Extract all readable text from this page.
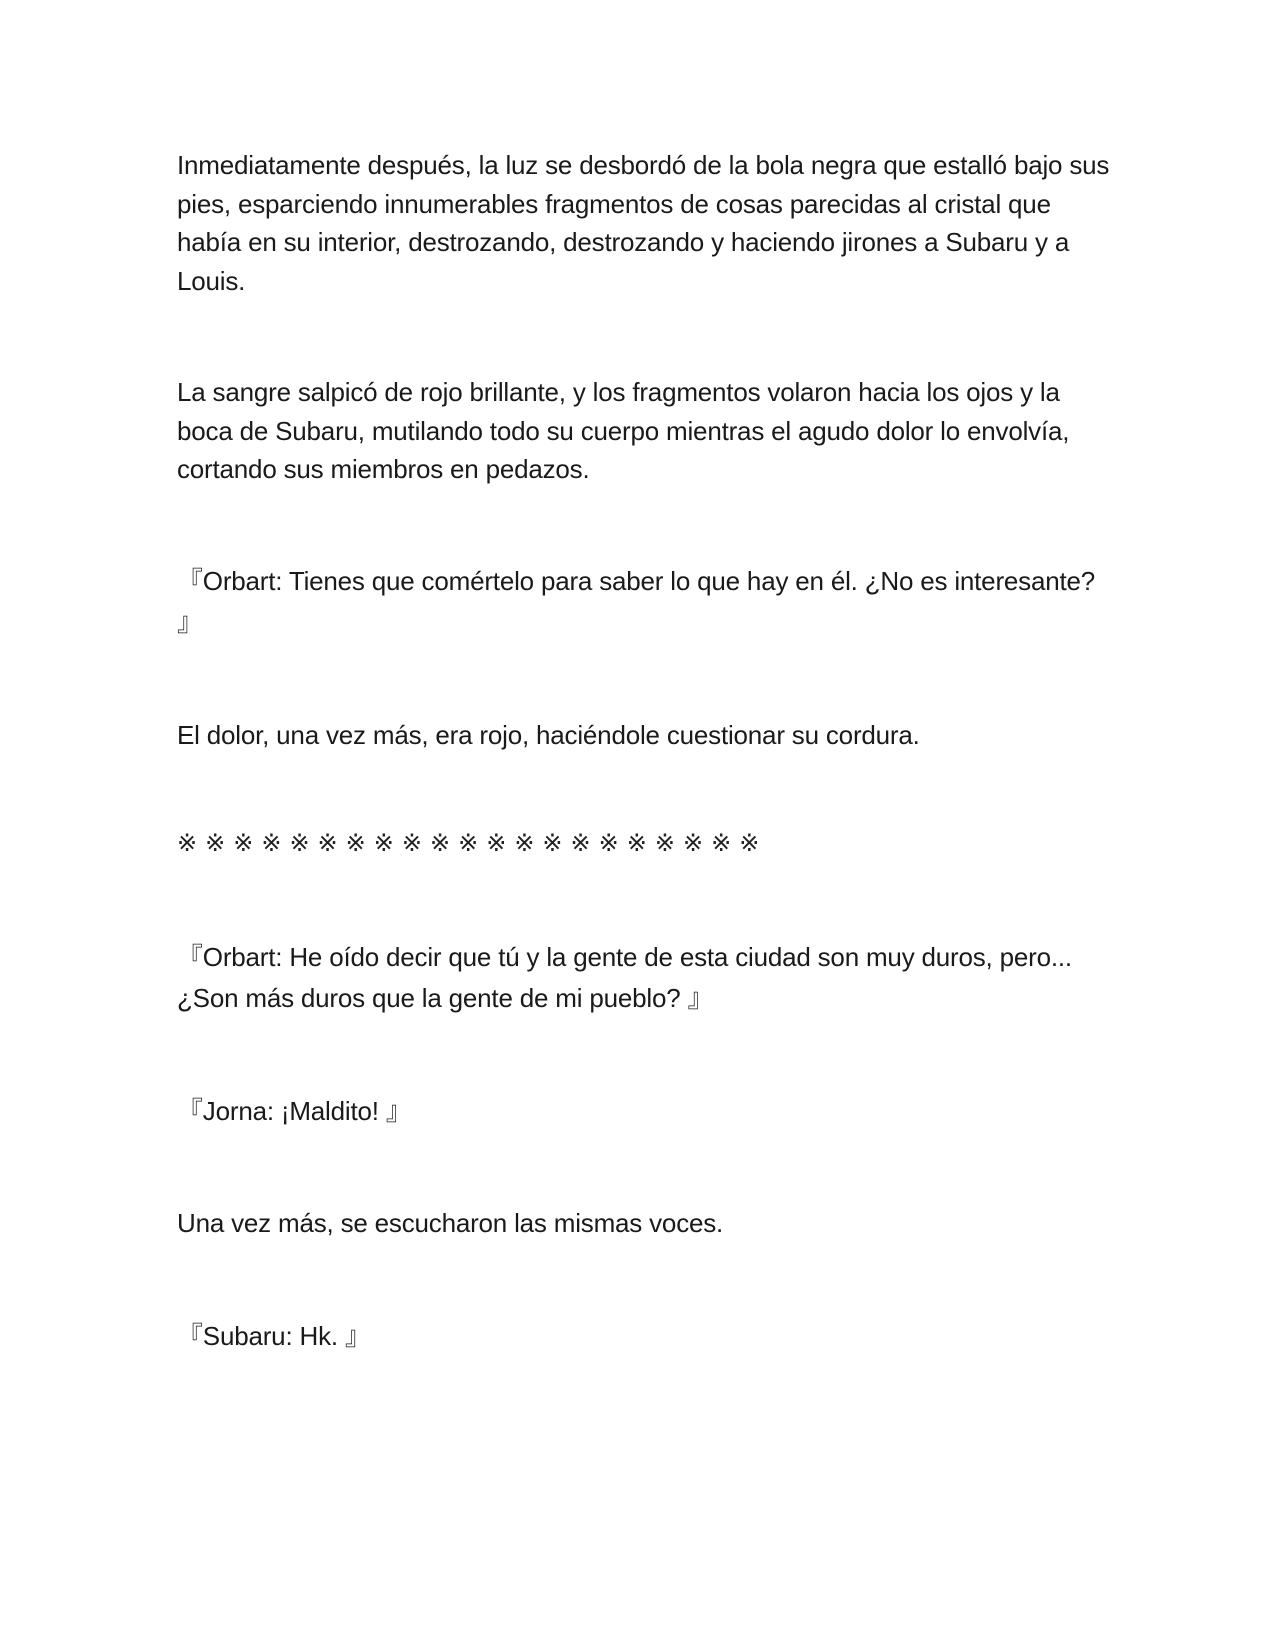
Inmediatamente después, la luz se desbordó de la bola negra que estalló bajo sus pies, esparciendo innumerables fragmentos de cosas parecidas al cristal que había en su interior, destrozando, destrozando y haciendo jirones a Subaru y a Louis.

La sangre salpicó de rojo brillante, y los fragmentos volaron hacia los ojos y la boca de Subaru, mutilando todo su cuerpo mientras el agudo dolor lo envolvía, cortando sus miembros en pedazos.

『Orbart: Tienes que comértelo para saber lo que hay en él. ¿No es interesante? 』

El dolor, una vez más, era rojo, haciéndole cuestionar su cordura.

※※※※※※※※※※※※※※※※※※※※※

『Orbart: He oído decir que tú y la gente de esta ciudad son muy duros, pero... ¿Son más duros que la gente de mi pueblo? 』

『Jorna: ¡Maldito! 』

Una vez más, se escucharon las mismas voces.

『Subaru: Hk. 』
